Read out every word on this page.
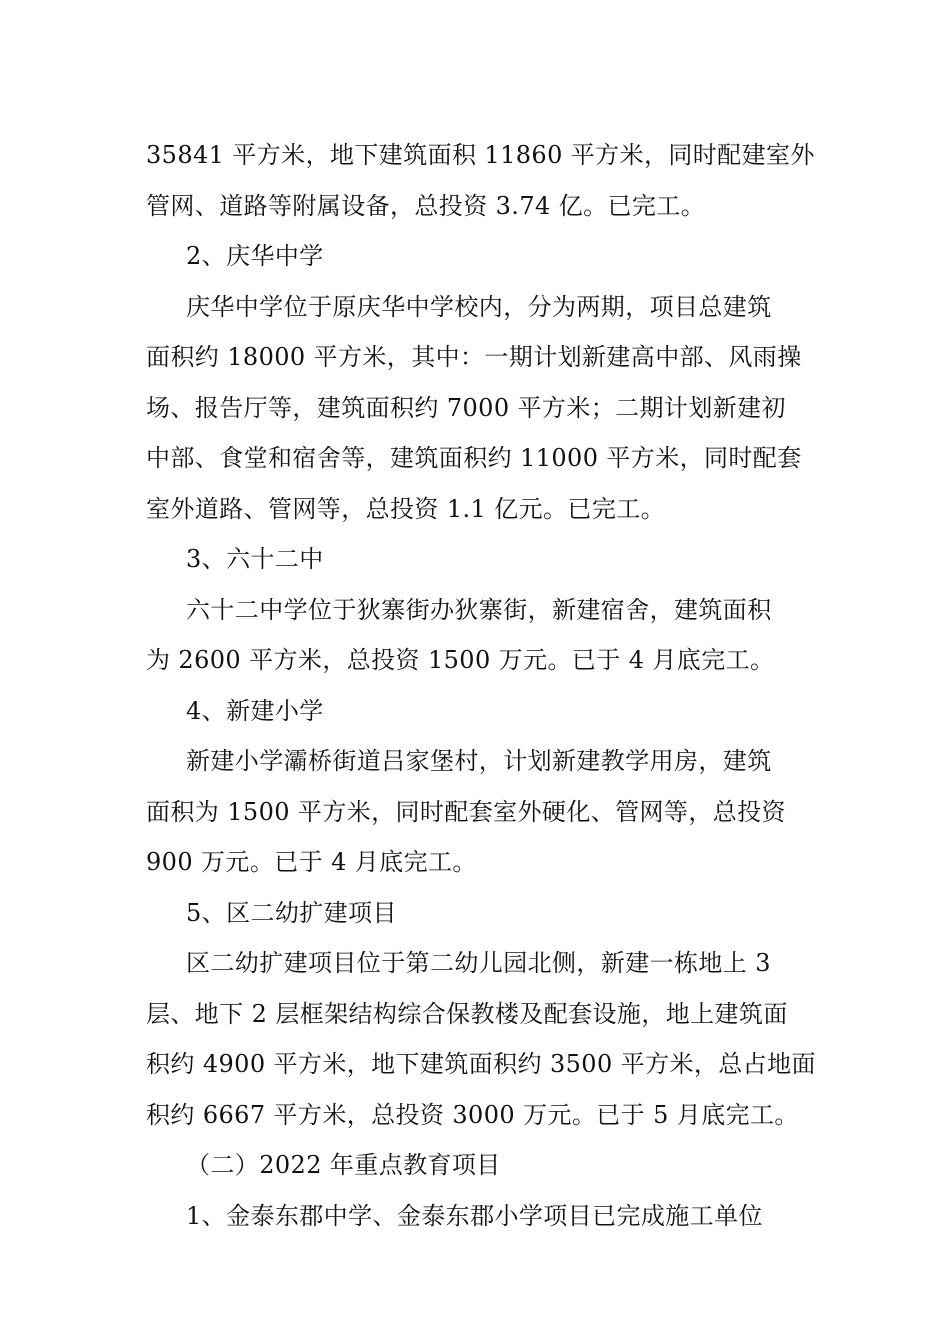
35841 平方米，地下建筑面积 11860 平方米，同时配建室外
管网、道路等附属设备，总投资 3.74 亿。已完工。
2、庆华中学
庆华中学位于原庆华中学校内，分为两期，项目总建筑
面积约 18000 平方米，其中：一期计划新建高中部、风雨操
场、报告厅等，建筑面积约 7000 平方米；二期计划新建初
中部、食堂和宿舍等，建筑面积约 11000 平方米，同时配套
室外道路、管网等，总投资 1.1 亿元。已完工。
3、六十二中
六十二中学位于狄寨街办狄寨街，新建宿舍，建筑面积
为 2600 平方米，总投资 1500 万元。已于 4 月底完工。
4、新建小学
新建小学灞桥街道吕家堡村，计划新建教学用房，建筑
面积为 1500 平方米，同时配套室外硬化、管网等，总投资
900 万元。已于 4 月底完工。
5、区二幼扩建项目
区二幼扩建项目位于第二幼儿园北侧，新建一栋地上 3
层、地下 2 层框架结构综合保教楼及配套设施，地上建筑面
积约 4900 平方米，地下建筑面积约 3500 平方米，总占地面
积约 6667 平方米，总投资 3000 万元。已于 5 月底完工。
（二）2022 年重点教育项目
1、金泰东郡中学、金泰东郡小学项目已完成施工单位
